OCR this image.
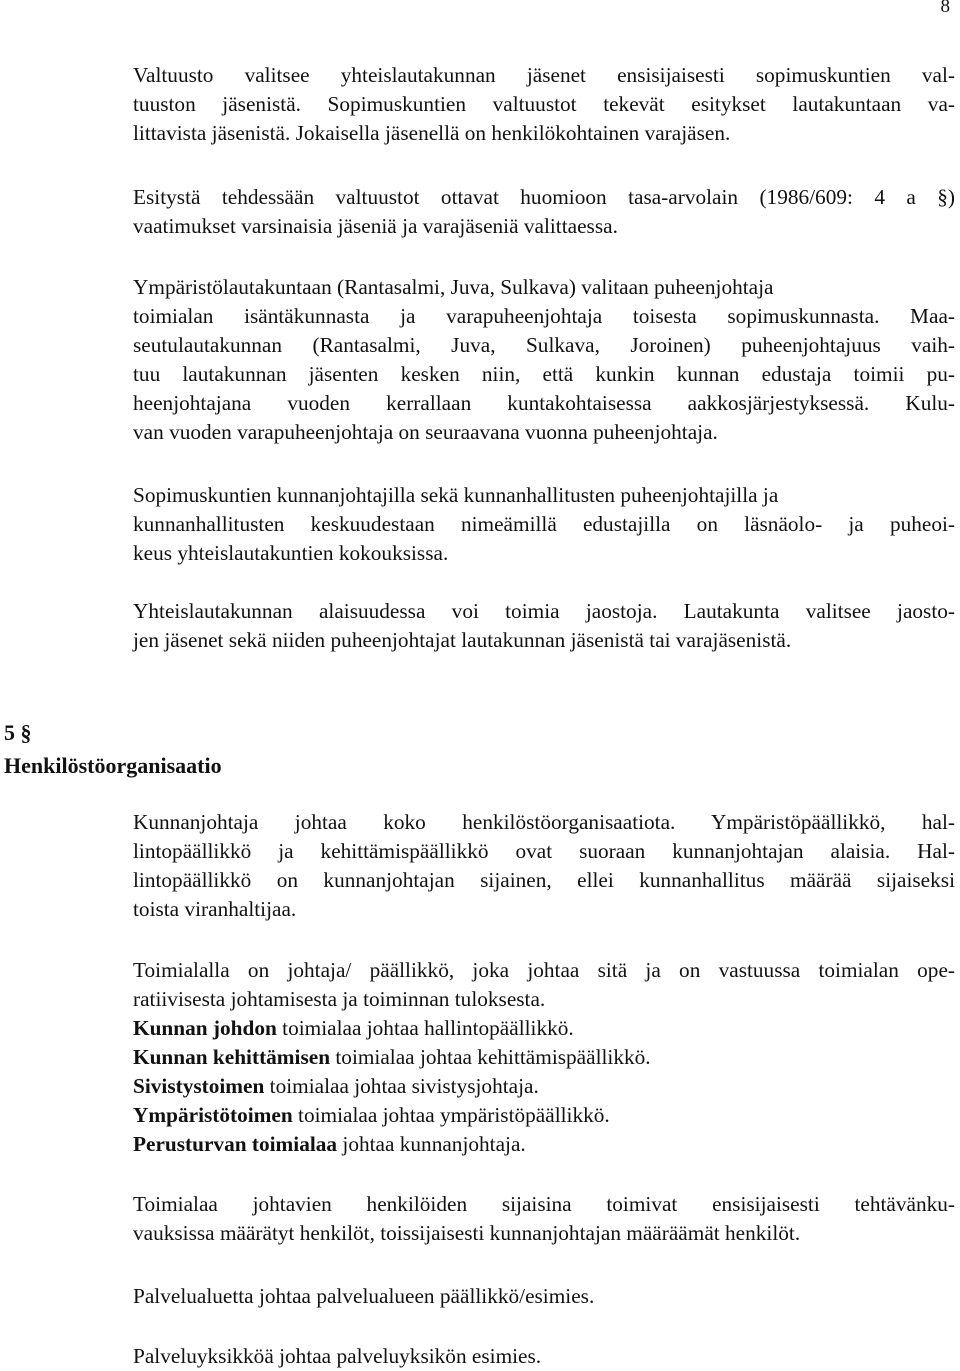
8
Valtuusto valitsee yhteislautakunnan jäsenet ensisijaisesti sopimuskuntien val-
tuuston jäsenistä. Sopimuskuntien valtuustot tekevät esitykset lautakuntaan va-
littavista jäsenistä. Jokaisella jäsenellä on henkilökohtainen varajäsen.
Esitystä tehdessään valtuustot ottavat huomioon tasa-arvolain (1986/609: 4 a §)
vaatimukset varsinaisia jäseniä ja varajäseniä valittaessa.
Ympäristölautakuntaan (Rantasalmi, Juva, Sulkava) valitaan puheenjohtaja
toimialan isäntäkunnasta ja varapuheenjohtaja toisesta sopimuskunnasta. Maa-
seutulautakunnan (Rantasalmi, Juva, Sulkava, Joroinen) puheenjohtajuus vaih-
tuu lautakunnan jäsenten kesken niin, että kunkin kunnan edustaja toimii pu-
heenjohtajana vuoden kerrallaan kuntakohtaisessa aakkosjärjestyksessä. Kulu-
van vuoden varapuheenjohtaja on seuraavana vuonna puheenjohtaja.
Sopimuskuntien kunnanjohtajilla sekä kunnanhallitusten puheenjohtajilla ja
kunnanhallitusten keskuudestaan nimeämillä edustajilla on läsnäolo- ja puheoi-
keus yhteislautakuntien kokouksissa.
Yhteislautakunnan alaisuudessa voi toimia jaostoja. Lautakunta valitsee jaosto-
jen jäsenet sekä niiden puheenjohtajat lautakunnan jäsenistä tai varajäsenistä.
5 §
Henkilöstöorganisaatio
Kunnanjohtaja johtaa koko henkilöstöorganisaatiota. Ympäristöpäällikkö, hal-
lintopäällikkö ja kehittämispäällikkö ovat suoraan kunnanjohtajan alaisia. Hal-
lintopäällikkö on kunnanjohtajan sijainen, ellei kunnanhallitus määrää sijaiseksi
toista viranhaltijaa.
Toimialalla on johtaja/ päällikkö, joka johtaa sitä ja on vastuussa toimialan ope-
ratiivisesta johtamisesta ja toiminnan tuloksesta.
Kunnan johdon toimialaa johtaa hallintopäällikkö.
Kunnan kehittämisen toimialaa johtaa kehittämispäällikkö.
Sivistystoimen toimialaa johtaa sivistysjohtaja.
Ympäristötoimen toimialaa johtaa ympäristöpäällikkö.
Perusturvan toimialaa johtaa kunnanjohtaja.
Toimialaa johtavien henkilöiden sijaisina toimivat ensisijaisesti tehtävänku-
vauksissa määrätyt henkilöt, toissijaisesti kunnanjohtajan määräämät henkilöt.
Palvelualuetta johtaa palvelualueen päällikkö/esimies.
Palveluyksikköä johtaa palveluyksikön esimies.
